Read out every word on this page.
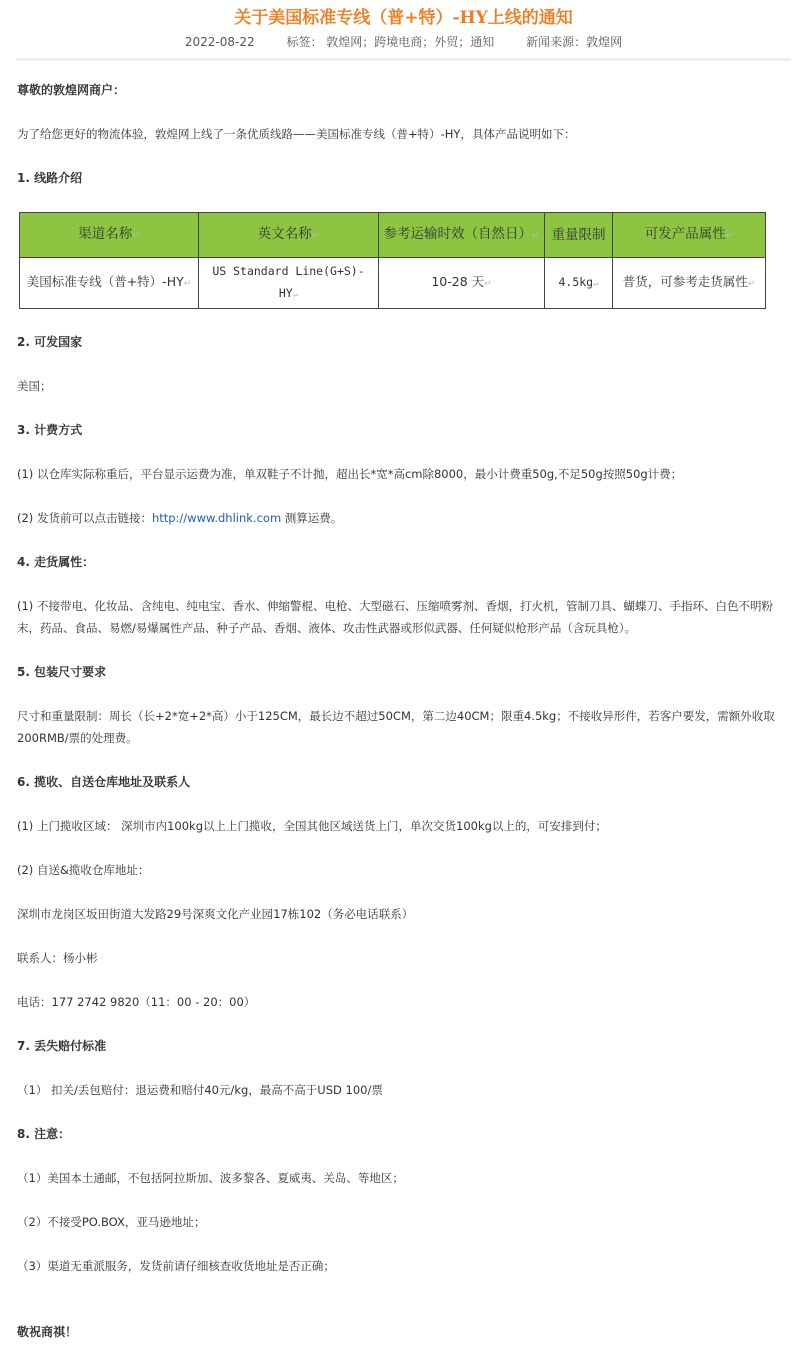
关于美国标准专线（普+特）-HY上线的通知
2022-08-22	标签： 敦煌网；跨境电商；外贸；通知	新闻来源：敦煌网
尊敬的敦煌网商户：
为了给您更好的物流体验，敦煌网上线了一条优质线路——美国标准专线（普+特）-HY，具体产品说明如下：
1. 线路介绍
渠道名称↵	英文名称↵	参考运输时效（自然日）↵	重量限制	可发产品属性↵
美国标准专线（普+特）-HY↵	US Standard Line(G+S)-HY↵	10-28 天↵	4.5kg↵	普货，可参考走货属性↵
2. 可发国家
美国；
3. 计费方式
(1) 以仓库实际称重后，平台显示运费为准，单双鞋子不计抛，超出长*宽*高cm除8000，最小计费重50g,不足50g按照50g计费；
(2) 发货前可以点击链接：http://www.dhlink.com 测算运费。
4. 走货属性：
(1) 不接带电、化妆品、含纯电、纯电宝、香水、伸缩警棍、电枪、大型磁石、压缩喷雾剂、香烟，打火机，管制刀具、蝴蝶刀、手指环、白色不明粉末，药品、食品、易燃/易爆属性产品、种子产品、香烟、液体、攻击性武器或形似武器、任何疑似枪形产品（含玩具枪）。
5. 包装尺寸要求
尺寸和重量限制：周长（长+2*宽+2*高）小于125CM，最长边不超过50CM，第二边40CM；限重4.5kg；不接收异形件，若客户要发，需额外收取200RMB/票的处理费。
6. 揽收、自送仓库地址及联系人
(1) 上门揽收区域： 深圳市内100kg以上上门揽收，全国其他区域送货上门，单次交货100kg以上的，可安排到付；
(2) 自送&揽收仓库地址：
深圳市龙岗区坂田街道大发路29号深爽文化产业园17栋102（务必电话联系）
联系人：杨小彬
电话：177 2742 9820（11：00 - 20：00）
7. 丢失赔付标准
（1） 扣关/丢包赔付：退运费和赔付40元/kg，最高不高于USD 100/票
8. 注意：
（1）美国本土通邮，不包括阿拉斯加、波多黎各、夏威夷、关岛、等地区；
（2）不接受PO.BOX，亚马逊地址；
（3）渠道无重派服务，发货前请仔细核查收货地址是否正确；
敬祝商祺！
